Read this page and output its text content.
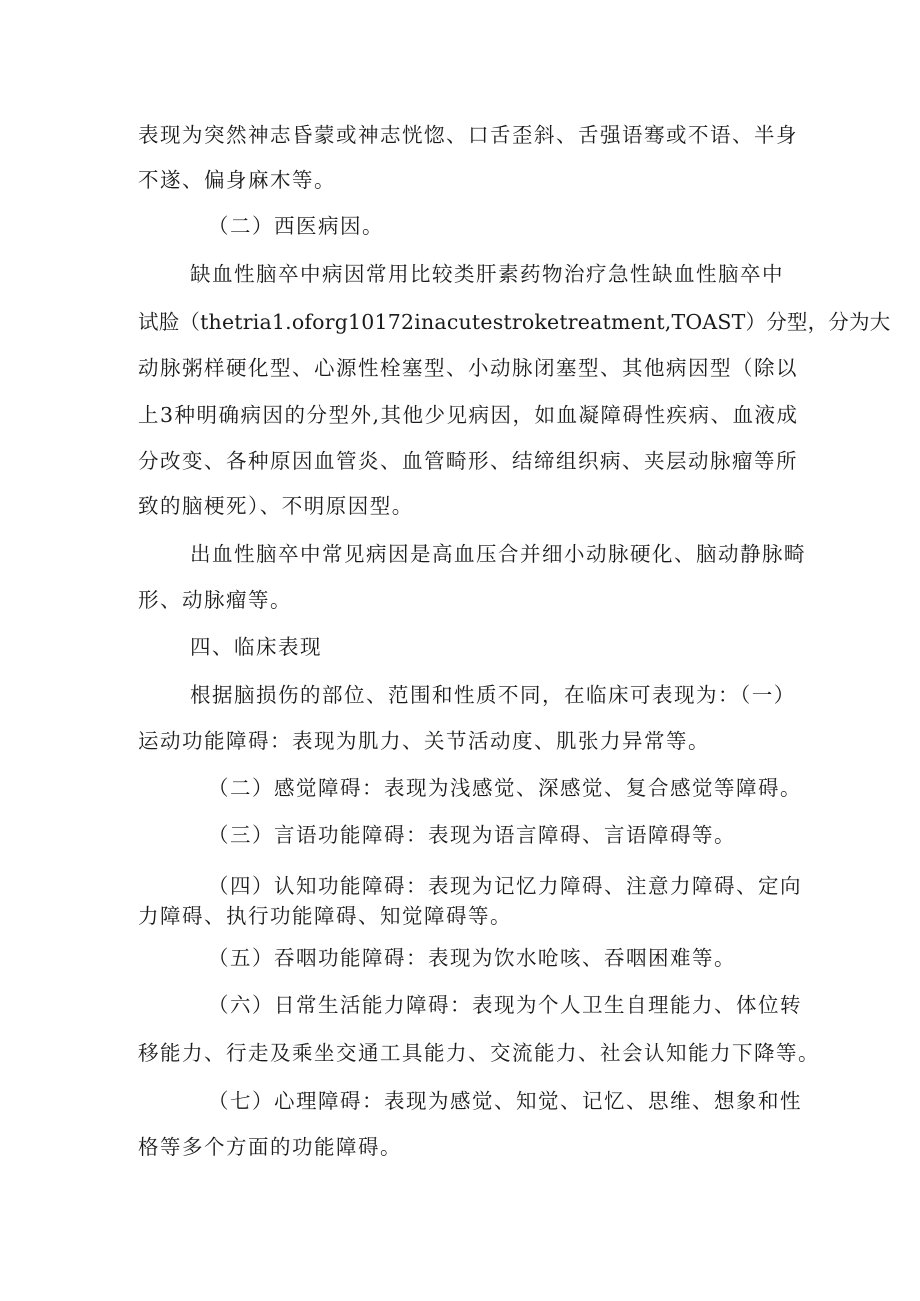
表现为突然神志昏蒙或神志恍惚、口舌歪斜、舌强语骞或不语、半身

不遂、偏身麻木等。

（二）西医病因。

缺血性脑卒中病因常用比较类肝素药物治疗急性缺血性脑卒中

试脸（thetria1.oforg10172inacutestroketreatment,TOAST）分型，分为大

动脉粥样硬化型、心源性栓塞型、小动脉闭塞型、其他病因型（除以

上3种明确病因的分型外,其他少见病因，如血凝障碍性疾病、血液成

分改变、各种原因血管炎、血管畸形、结缔组织病、夹层动脉瘤等所

致的脑梗死）、不明原因型。

出血性脑卒中常见病因是高血压合并细小动脉硬化、脑动静脉畸

形、动脉瘤等。

四、临床表现

根据脑损伤的部位、范围和性质不同，在临床可表现为：（一）

运动功能障碍：表现为肌力、关节活动度、肌张力异常等。

（二）感觉障碍：表现为浅感觉、深感觉、复合感觉等障碍。

（三）言语功能障碍：表现为语言障碍、言语障碍等。

（四）认知功能障碍：表现为记忆力障碍、注意力障碍、定向

力障碍、执行功能障碍、知觉障碍等。

（五）吞咽功能障碍：表现为饮水呛咳、吞咽困难等。

（六）日常生活能力障碍：表现为个人卫生自理能力、体位转

移能力、行走及乘坐交通工具能力、交流能力、社会认知能力下降等。

（七）心理障碍：表现为感觉、知觉、记忆、思维、想象和性

格等多个方面的功能障碍。
